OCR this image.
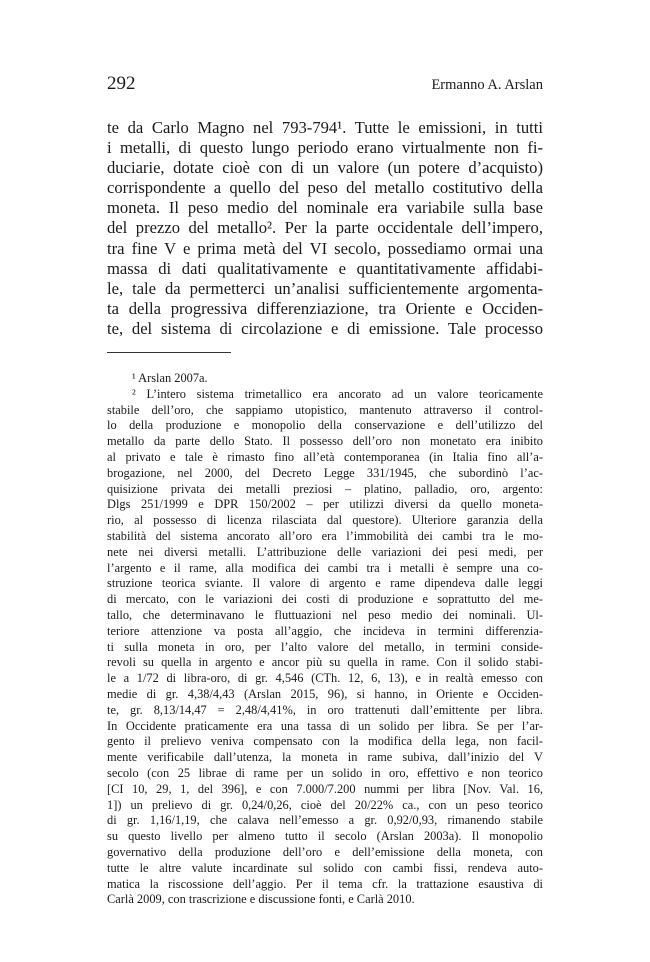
292	Ermanno A. Arslan
te da Carlo Magno nel 793-794¹. Tutte le emissioni, in tutti
i metalli, di questo lungo periodo erano virtualmente non fi-
duciarie, dotate cioè con di un valore (un potere d’acquisto)
corrispondente a quello del peso del metallo costitutivo della
moneta. Il peso medio del nominale era variabile sulla base
del prezzo del metallo². Per la parte occidentale dell’impero,
tra fine V e prima metà del VI secolo, possediamo ormai una
massa di dati qualitativamente e quantitativamente affidabi-
le, tale da permetterci un’analisi sufficientemente argomenta-
ta della progressiva differenziazione, tra Oriente e Occiden-
te, del sistema di circolazione e di emissione. Tale processo
¹ Arslan 2007a.
² L’intero sistema trimetallico era ancorato ad un valore teoricamente
stabile dell’oro, che sappiamo utopistico, mantenuto attraverso il control-
lo della produzione e monopolio della conservazione e dell’utilizzo del
metallo da parte dello Stato. Il possesso dell’oro non monetato era inibito
al privato e tale è rimasto fino all’età contemporanea (in Italia fino all’a-
brogazione, nel 2000, del Decreto Legge 331/1945, che subordinò l’ac-
quisizione privata dei metalli preziosi – platino, palladio, oro, argento:
Dlgs 251/1999 e DPR 150/2002 – per utilizzi diversi da quello moneta-
rio, al possesso di licenza rilasciata dal questore). Ulteriore garanzia della
stabilità del sistema ancorato all’oro era l’immobilità dei cambi tra le mo-
nete nei diversi metalli. L’attribuzione delle variazioni dei pesi medi, per
l’argento e il rame, alla modifica dei cambi tra i metalli è sempre una co-
struzione teorica sviante. Il valore di argento e rame dipendeva dalle leggi
di mercato, con le variazioni dei costi di produzione e soprattutto del me-
tallo, che determinavano le fluttuazioni nel peso medio dei nominali. Ul-
teriore attenzione va posta all’aggio, che incideva in termini differenzia-
ti sulla moneta in oro, per l’alto valore del metallo, in termini conside-
revoli su quella in argento e ancor più su quella in rame. Con il solido stabi-
le a 1/72 di libra-oro, di gr. 4,546 (CTh. 12, 6, 13), e in realtà emesso con
medie di gr. 4,38/4,43 (Arslan 2015, 96), si hanno, in Oriente e Occiden-
te, gr. 8,13/14,47 = 2,48/4,41%, in oro trattenuti dall’emittente per libra.
In Occidente praticamente era una tassa di un solido per libra. Se per l’ar-
gento il prelievo veniva compensato con la modifica della lega, non facil-
mente verificabile dall’utenza, la moneta in rame subiva, dall’inizio del V
secolo (con 25 librae di rame per un solido in oro, effettivo e non teorico
[CI 10, 29, 1, del 396], e con 7.000/7.200 nummi per libra [Nov. Val. 16,
1]) un prelievo di gr. 0,24/0,26, cioè del 20/22% ca., con un peso teorico
di gr. 1,16/1,19, che calava nell’emesso a gr. 0,92/0,93, rimanendo stabile
su questo livello per almeno tutto il secolo (Arslan 2003a). Il monopolio
governativo della produzione dell’oro e dell’emissione della moneta, con
tutte le altre valute incardinate sul solido con cambi fissi, rendeva auto-
matica la riscossione dell’aggio. Per il tema cfr. la trattazione esaustiva di
Carlà 2009, con trascrizione e discussione fonti, e Carlà 2010.
